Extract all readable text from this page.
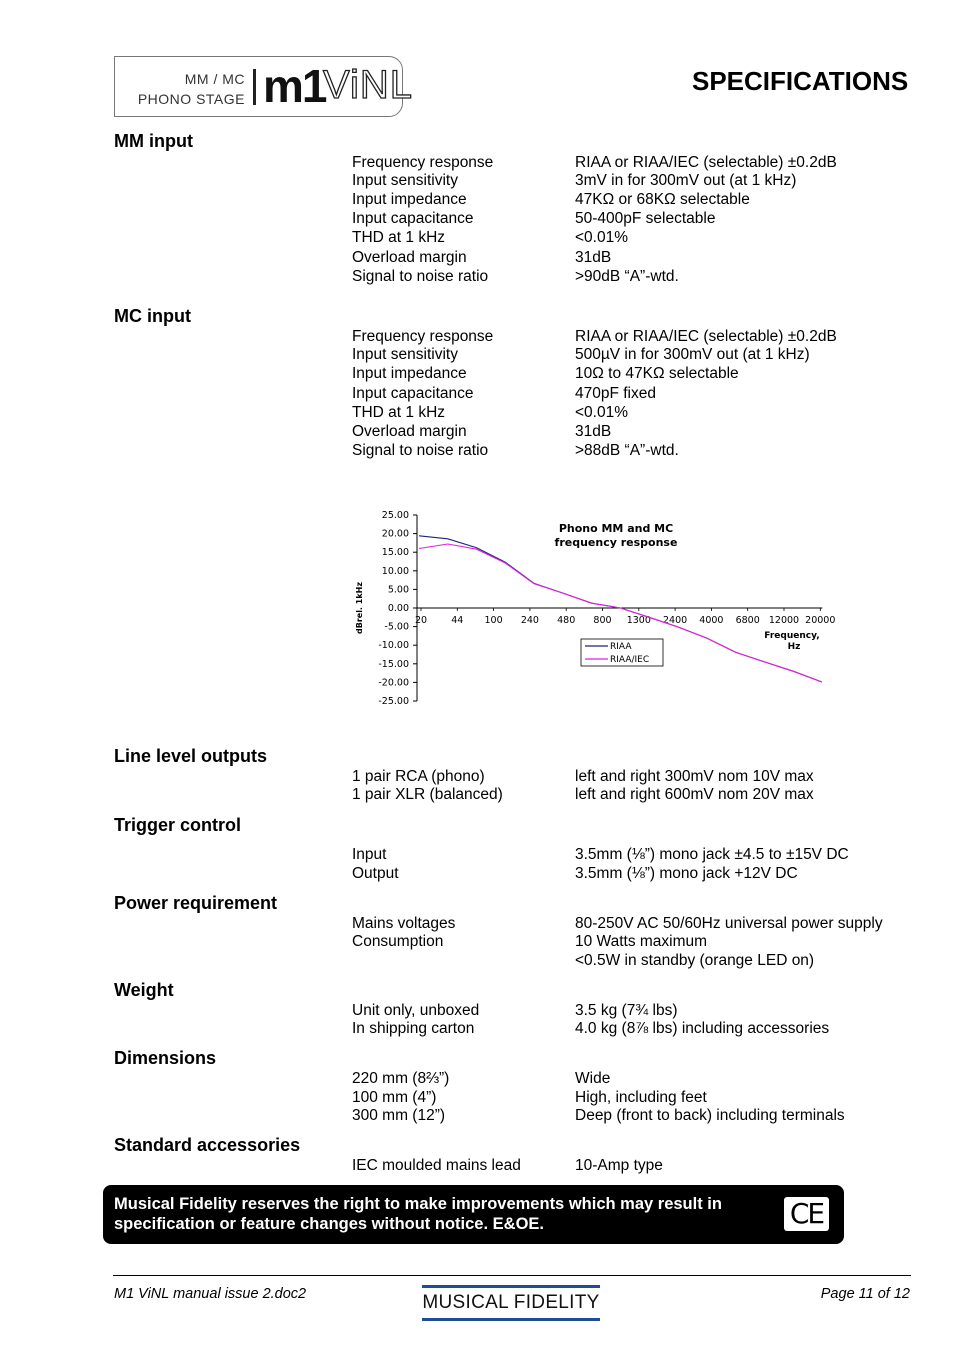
MM / MC
PHONO STAGE m1
ViNL	SPECIFICATIONS
MM input
Frequency response	RIAA or RIAA/IEC (selectable) ±0.2dB
Input sensitivity	3mV in for 300mV out (at 1 kHz)
Input impedance	47KΩ or 68KΩ selectable
Input capacitance	50-400pF selectable
THD at 1 kHz	<0.01%
Overload margin	31dB
Signal to noise ratio	>90dB “A”-wtd.
MC input
Frequency response	RIAA or RIAA/IEC (selectable) ±0.2dB
Input sensitivity	500µV in for 300mV out (at 1 kHz)
Input impedance	10Ω to 47KΩ selectable
Input capacitance	470pF fixed
THD at 1 kHz	<0.01%
Overload margin	31dB
Signal to noise ratio	>88dB “A”-wtd.
25.00
20.00
15.00
10.00
5.00
0.00
-5.00
-10.00
-15.00
-20.00
-25.00
20	44 100 240 480 800 1300 2400 4000 6800 12000 20000
Phono MM and MC
frequency response
dBrel. 1kHz
Frequency,
Hz
RIAA
RIAA/IEC
Line level outputs
1 pair RCA (phono)	left and right 300mV nom 10V max
1 pair XLR (balanced)	left and right 600mV nom 20V max
Trigger control
Input	3.5mm (⅛”) mono jack ±4.5 to ±15V DC
Output	3.5mm (⅛”) mono jack +12V DC
Power requirement
Mains voltages	80-250V AC 50/60Hz universal power supply
Consumption	10 Watts maximum
<0.5W in standby (orange LED on)
Weight
Unit only, unboxed	3.5 kg (7¾ lbs)
In shipping carton	4.0 kg (8⅞ lbs) including accessories
Dimensions
220 mm (8⅔”)	Wide
100 mm (4”)	High, including feet
300 mm (12”)	Deep (front to back) including terminals
Standard accessories
IEC moulded mains lead	10-Amp type
Musical Fidelity reserves the right to make improvements which may result in specification or feature changes without notice. E&OE.	CE
M1 ViNL manual issue 2.doc2	MUSICAL FIDELITY	Page 11 of 12
